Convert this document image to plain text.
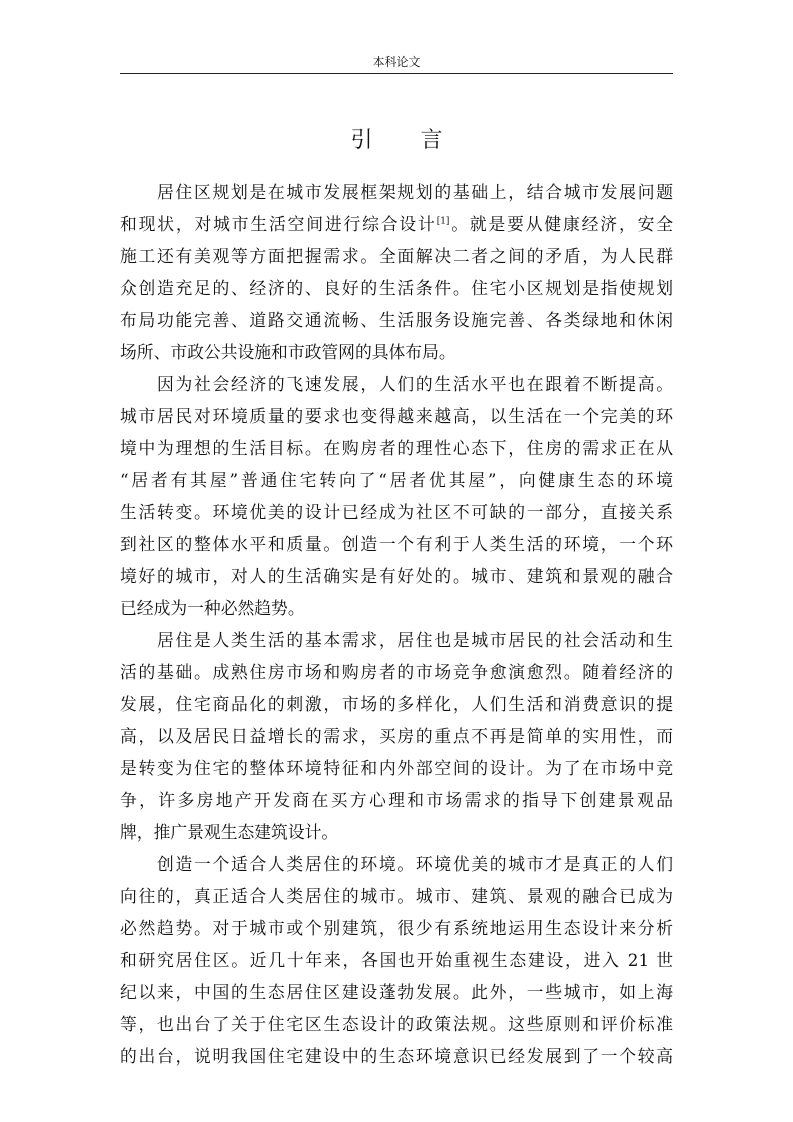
本科论文
引言
居住区规划是在城市发展框架规划的基础上，结合城市发展问题
和现状，对城市生活空间进行综合设计[1]。就是要从健康经济，安全
施工还有美观等方面把握需求。全面解决二者之间的矛盾，为人民群
众创造充足的、经济的、良好的生活条件。住宅小区规划是指使规划
布局功能完善、道路交通流畅、生活服务设施完善、各类绿地和休闲
场所、市政公共设施和市政管网的具体布局。
因为社会经济的飞速发展，人们的生活水平也在跟着不断提高。
城市居民对环境质量的要求也变得越来越高，以生活在一个完美的环
境中为理想的生活目标。在购房者的理性心态下，住房的需求正在从
“居者有其屋”普通住宅转向了“居者优其屋”，向健康生态的环境
生活转变。环境优美的设计已经成为社区不可缺的一部分，直接关系
到社区的整体水平和质量。创造一个有利于人类生活的环境，一个环
境好的城市，对人的生活确实是有好处的。城市、建筑和景观的融合
已经成为一种必然趋势。
居住是人类生活的基本需求，居住也是城市居民的社会活动和生
活的基础。成熟住房市场和购房者的市场竞争愈演愈烈。随着经济的
发展，住宅商品化的刺激，市场的多样化，人们生活和消费意识的提
高，以及居民日益增长的需求，买房的重点不再是简单的实用性，而
是转变为住宅的整体环境特征和内外部空间的设计。为了在市场中竞
争，许多房地产开发商在买方心理和市场需求的指导下创建景观品
牌，推广景观生态建筑设计。
创造一个适合人类居住的环境。环境优美的城市才是真正的人们
向往的，真正适合人类居住的城市。城市、建筑、景观的融合已成为
必然趋势。对于城市或个别建筑，很少有系统地运用生态设计来分析
和研究居住区。近几十年来，各国也开始重视生态建设，进入 21 世
纪以来，中国的生态居住区建设蓬勃发展。此外，一些城市，如上海
等，也出台了关于住宅区生态设计的政策法规。这些原则和评价标准
的出台，说明我国住宅建设中的生态环境意识已经发展到了一个较高
